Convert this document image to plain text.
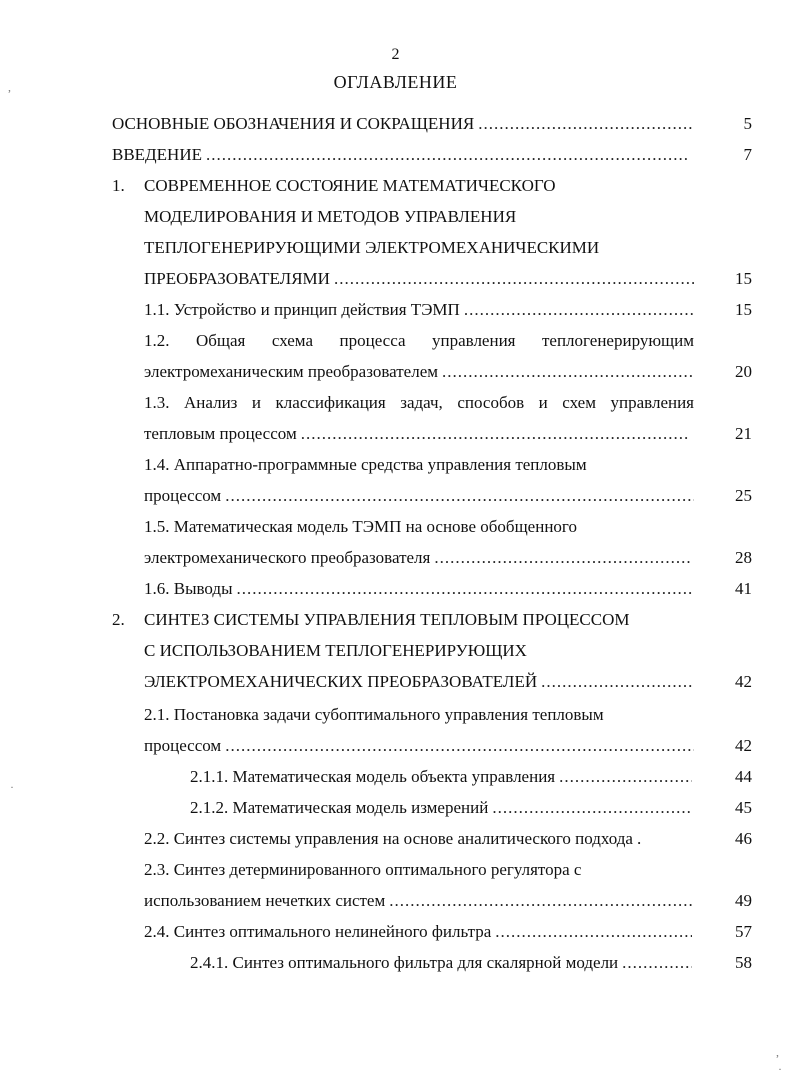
2
ОГЛАВЛЕНИЕ
ОСНОВНЫЕ ОБОЗНАЧЕНИЯ И СОКРАЩЕНИЯ .....	5
ВВЕДЕНИЕ .....	7
1. СОВРЕМЕННОЕ СОСТОЯНИЕ МАТЕМАТИЧЕСКОГО
МОДЕЛИРОВАНИЯ И МЕТОДОВ УПРАВЛЕНИЯ
ТЕПЛОГЕНЕРИРУЮЩИМИ ЭЛЕКТРОМЕХАНИЧЕСКИМИ
ПРЕОБРАЗОВАТЕЛЯМИ .....	15
1.1. Устройство и принцип действия ТЭМП .....	15
1.2. Общая схема процесса управления теплогенерирующим
электромеханическим преобразователем .....	20
1.3. Анализ и классификация задач, способов и схем управления
тепловым процессом .....	21
1.4. Аппаратно-программные средства управления тепловым
процессом .....	25
1.5. Математическая модель ТЭМП на основе обобщенного
электромеханического преобразователя .....	28
1.6. Выводы .....	41
2. СИНТЕЗ СИСТЕМЫ УПРАВЛЕНИЯ ТЕПЛОВЫМ ПРОЦЕССОМ
С ИСПОЛЬЗОВАНИЕМ ТЕПЛОГЕНЕРИРУЮЩИХ
ЭЛЕКТРОМЕХАНИЧЕСКИХ ПРЕОБРАЗОВАТЕЛЕЙ .....	42
2.1. Постановка задачи субоптимального управления тепловым
процессом .....	42
2.1.1. Математическая модель объекта управления .....	44
2.1.2. Математическая модель измерений .....	45
2.2. Синтез системы управления на основе аналитического подхода .	46
2.3. Синтез детерминированного оптимального регулятора с
использованием нечетких систем .....	49
2.4. Синтез оптимального нелинейного фильтра .....	57
2.4.1. Синтез оптимального фильтра для скалярной модели .....	58
,
·
,
·
